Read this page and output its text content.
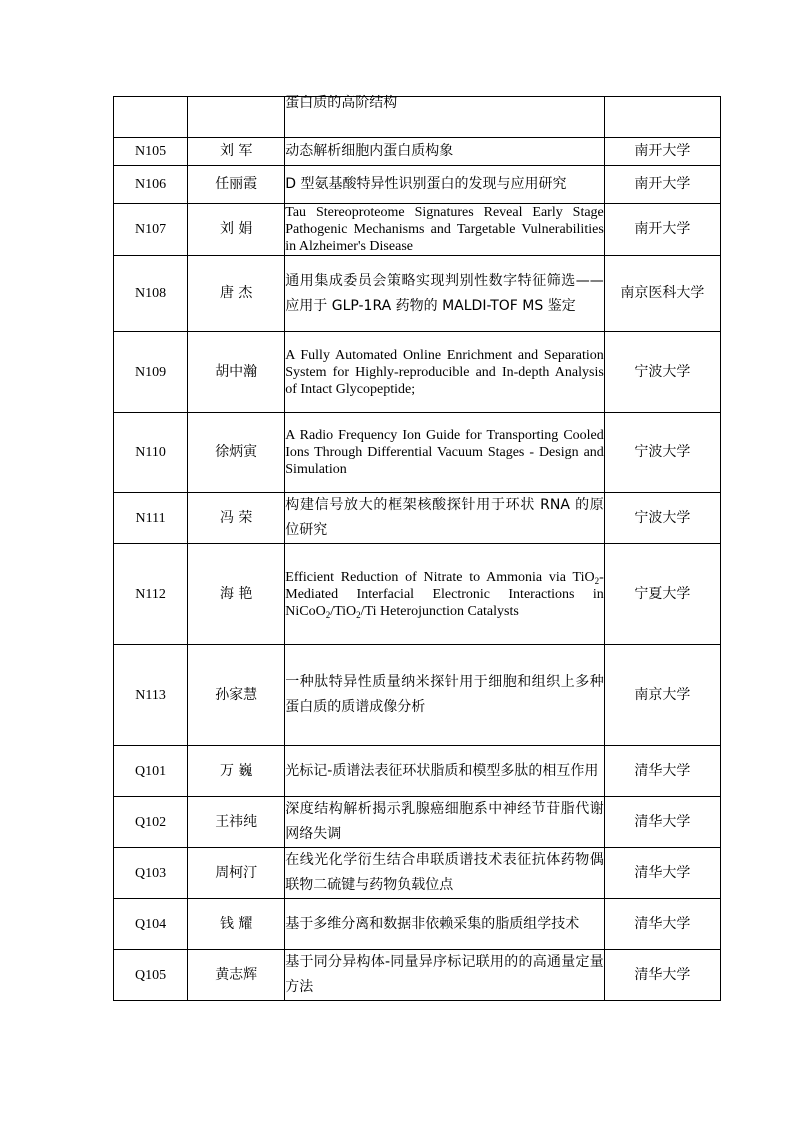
		蛋白质的高阶结构	

N105	刘 军	动态解析细胞内蛋白质构象	南开大学
N106	任丽霞	D 型氨基酸特异性识别蛋白的发现与应用研究	南开大学
N107	刘 娟	Tau Stereoproteome Signatures Reveal Early Stage Pathogenic Mechanisms and Targetable Vulnerabilities in Alzheimer's Disease	南开大学
N108	唐 杰	通用集成委员会策略实现判别性数字特征筛选——应用于 GLP-1RA 药物的 MALDI-TOF MS 鉴定	南京医科大学
N109	胡中瀚	A Fully Automated Online Enrichment and Separation System for Highly-reproducible and In-depth Analysis of Intact Glycopeptide;	宁波大学
N110	徐炳寅	A Radio Frequency Ion Guide for Transporting Cooled Ions Through Differential Vacuum Stages - Design and Simulation	宁波大学
N111	冯 荣	构建信号放大的框架核酸探针用于环状 RNA 的原位研究	宁波大学
N112	海 艳	Efficient Reduction of Nitrate to Ammonia via TiO$_2$-Mediated Interfacial Electronic Interactions in NiCoO$_2$/TiO$_2$/Ti Heterojunction Catalysts	宁夏大学
N113	孙家慧	一种肽特异性质量纳米探针用于细胞和组织上多种蛋白质的质谱成像分析	南京大学
Q101	万 巍	光标记-质谱法表征环状脂质和模型多肽的相互作用	清华大学
Q102	王祎纯	深度结构解析揭示乳腺癌细胞系中神经节苷脂代谢网络失调	清华大学
Q103	周柯汀	在线光化学衍生结合串联质谱技术表征抗体药物偶联物二硫键与药物负载位点	清华大学
Q104	钱 耀	基于多维分离和数据非依赖采集的脂质组学技术	清华大学
Q105	黄志辉	基于同分异构体-同量异序标记联用的的高通量定量方法	清华大学
